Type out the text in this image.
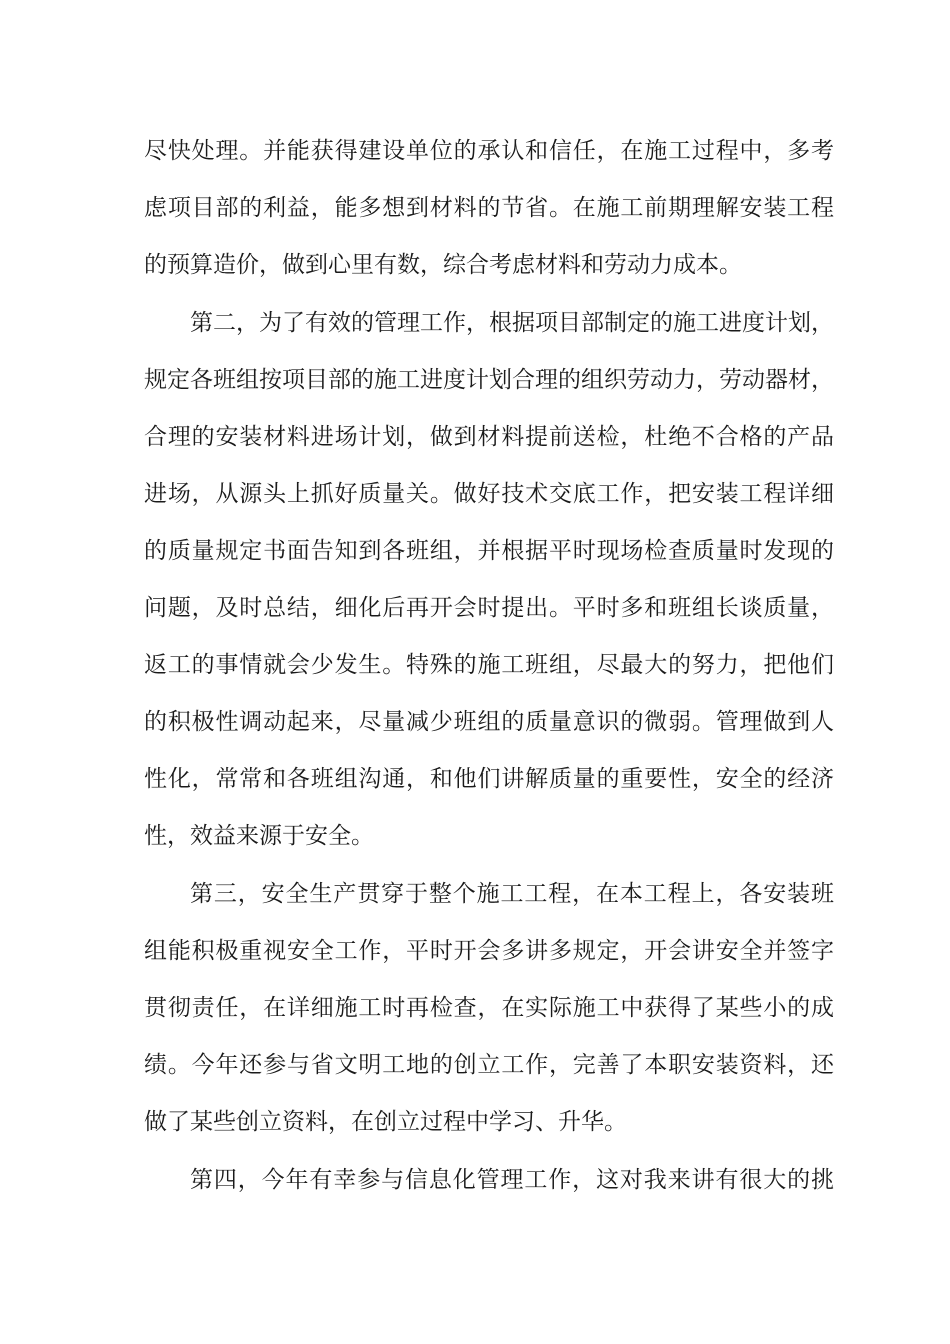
尽快处理。并能获得建设单位的承认和信任，在施工过程中，多考
虑项目部的利益，能多想到材料的节省。在施工前期理解安装工程
的预算造价，做到心里有数，综合考虑材料和劳动力成本。
第二，为了有效的管理工作，根据项目部制定的施工进度计划，
规定各班组按项目部的施工进度计划合理的组织劳动力，劳动器材，
合理的安装材料进场计划，做到材料提前送检，杜绝不合格的产品
进场，从源头上抓好质量关。做好技术交底工作，把安装工程详细
的质量规定书面告知到各班组，并根据平时现场检查质量时发现的
问题，及时总结，细化后再开会时提出。平时多和班组长谈质量，
返工的事情就会少发生。特殊的施工班组，尽最大的努力，把他们
的积极性调动起来，尽量减少班组的质量意识的微弱。管理做到人
性化，常常和各班组沟通，和他们讲解质量的重要性，安全的经济
性，效益来源于安全。
第三，安全生产贯穿于整个施工工程，在本工程上，各安装班
组能积极重视安全工作，平时开会多讲多规定，开会讲安全并签字
贯彻责任，在详细施工时再检查，在实际施工中获得了某些小的成
绩。今年还参与省文明工地的创立工作，完善了本职安装资料，还
做了某些创立资料，在创立过程中学习、升华。
第四，今年有幸参与信息化管理工作，这对我来讲有很大的挑
